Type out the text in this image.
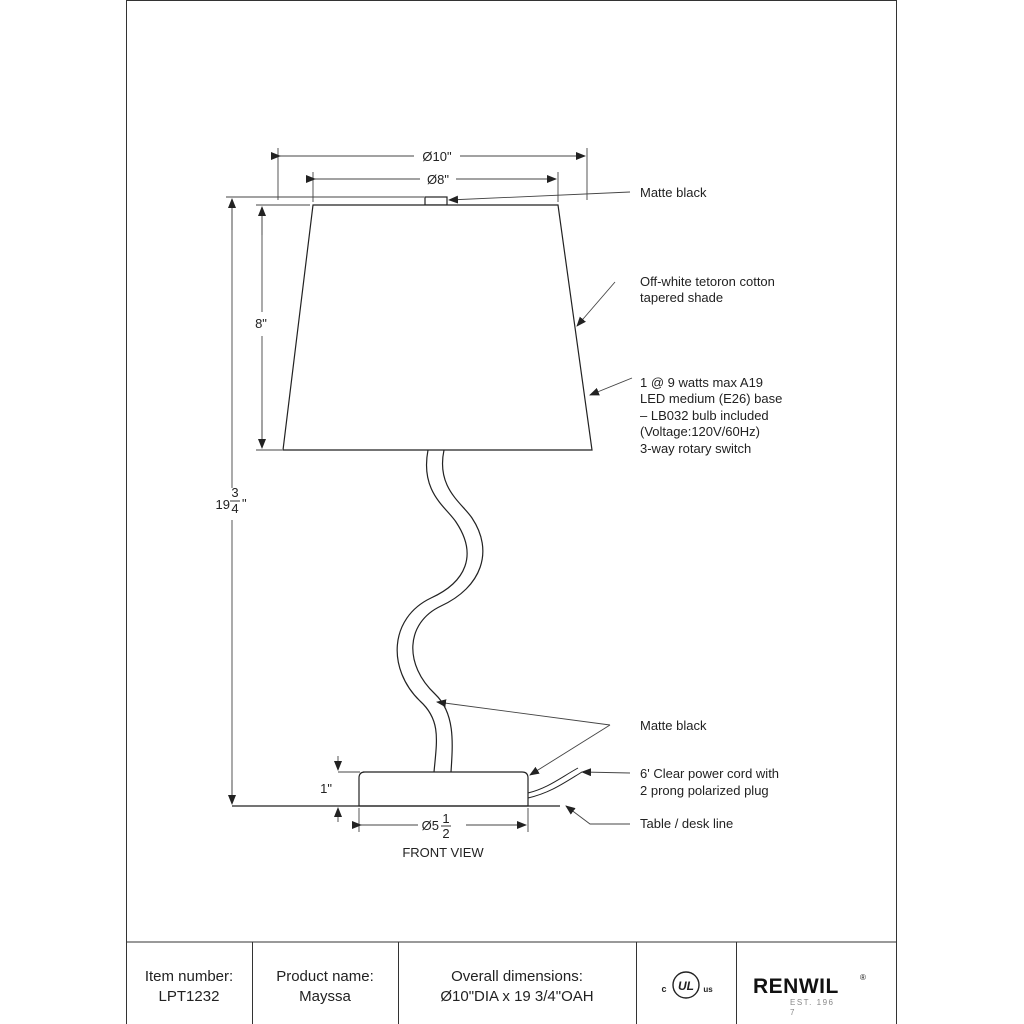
Ø10"
Ø8"
8"
19
3
4 "
1"
Ø5 1
2
Matte black
Off-white tetoron cotton
tapered shade
1 @ 9 watts max A19
LED medium (E26) base
– LB032 bulb included
(Voltage:120V/60Hz)
3-way rotary switch
Matte black
6' Clear power cord with
2 prong polarized plug
Table / desk line
FRONT VIEW
Item number:
LPT1232
Product name:
Mayssa
Overall dimensions:
Ø10"DIA x 19 3/4"OAH	c UL us RENWIL	®
EST. 196
7
